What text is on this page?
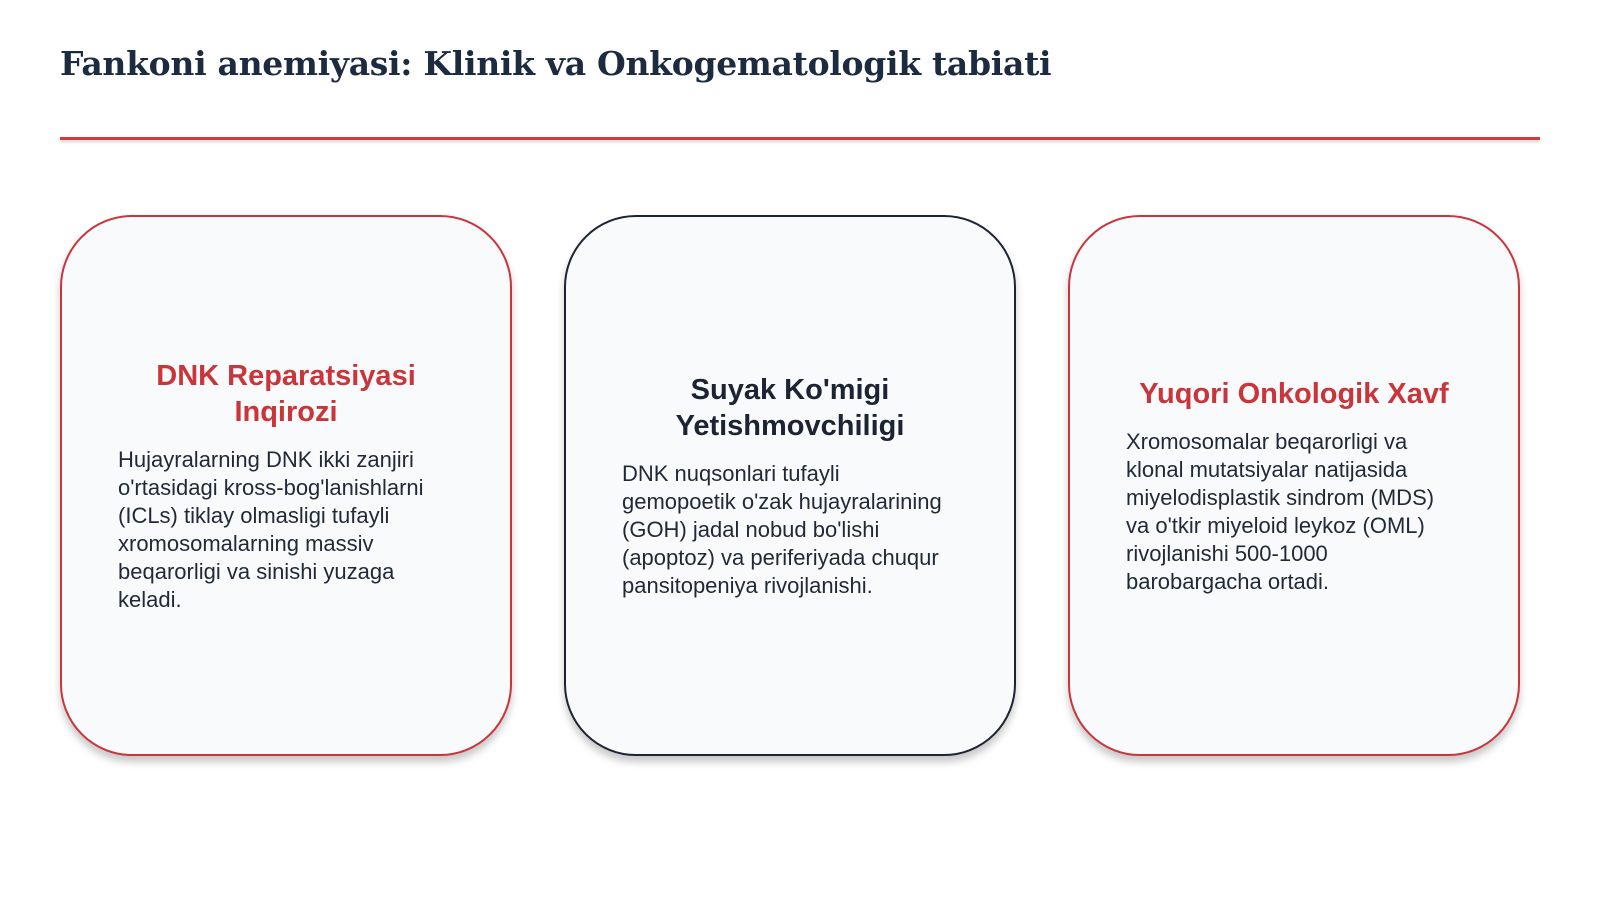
Fankoni anemiyasi: Klinik va Onkogematologik tabiati
DNK Reparatsiyasi Inqirozi

Hujayralarning DNK ikki zanjiri o'rtasidagi kross-bog'lanishlarni (ICLs) tiklay olmasligi tufayli xromosomalarning massiv beqarorligi va sinishi yuzaga keladi.

Suyak Ko'migi Yetishmovchiligi

DNK nuqsonlari tufayli gemopoetik o'zak hujayralarining (GOH) jadal nobud bo'lishi (apoptoz) va periferiyada chuqur pansitopeniya rivojlanishi.

Yuqori Onkologik Xavf

Xromosomalar beqarorligi va klonal mutatsiyalar natijasida miyelodisplastik sindrom (MDS) va o'tkir miyeloid leykoz (OML) rivojlanishi 500-1000 barobargacha ortadi.
